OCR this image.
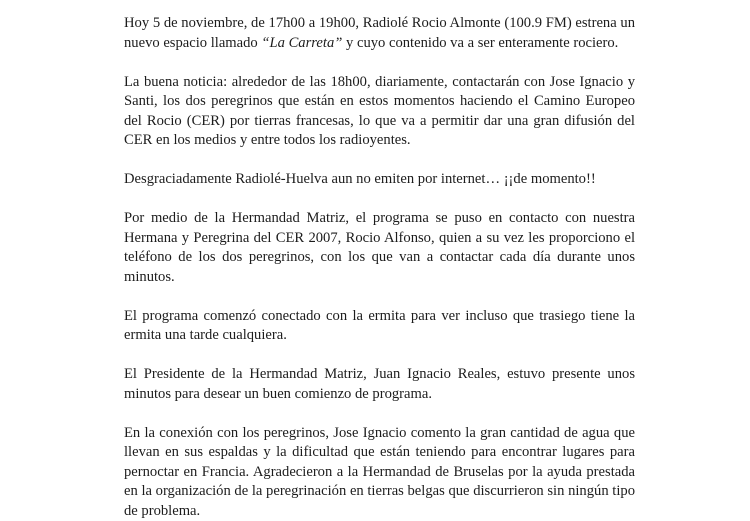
Hoy 5 de noviembre, de 17h00 a 19h00, Radiolé Rocio Almonte (100.9 FM) estrena un nuevo espacio llamado “La Carreta” y cuyo contenido va a ser enteramente rociero.

La buena noticia: alrededor de las 18h00, diariamente, contactarán con Jose Ignacio y Santi, los dos peregrinos que están en estos momentos haciendo el Camino Europeo del Rocio (CER) por tierras francesas, lo que va a permitir dar una gran difusión del CER en los medios y entre todos los radioyentes.

Desgraciadamente Radiolé-Huelva aun no emiten por internet… ¡¡de momento!!

Por medio de la Hermandad Matriz, el programa se puso en contacto con nuestra Hermana y Peregrina del CER 2007, Rocio Alfonso, quien a su vez les proporciono el teléfono de los dos peregrinos, con los que van a contactar cada día durante unos minutos.

El programa comenzó conectado con la ermita para ver incluso que trasiego tiene la ermita una tarde cualquiera.

El Presidente de la Hermandad Matriz, Juan Ignacio Reales, estuvo presente unos minutos para desear un buen comienzo de programa.

En la conexión con los peregrinos, Jose Ignacio comento la gran cantidad de agua que llevan en sus espaldas y la dificultad que están teniendo para encontrar lugares para pernoctar en Francia. Agradecieron a la Hermandad de Bruselas por la ayuda prestada en la organización de la peregrinación en tierras belgas que discurrieron sin ningún tipo de problema.
